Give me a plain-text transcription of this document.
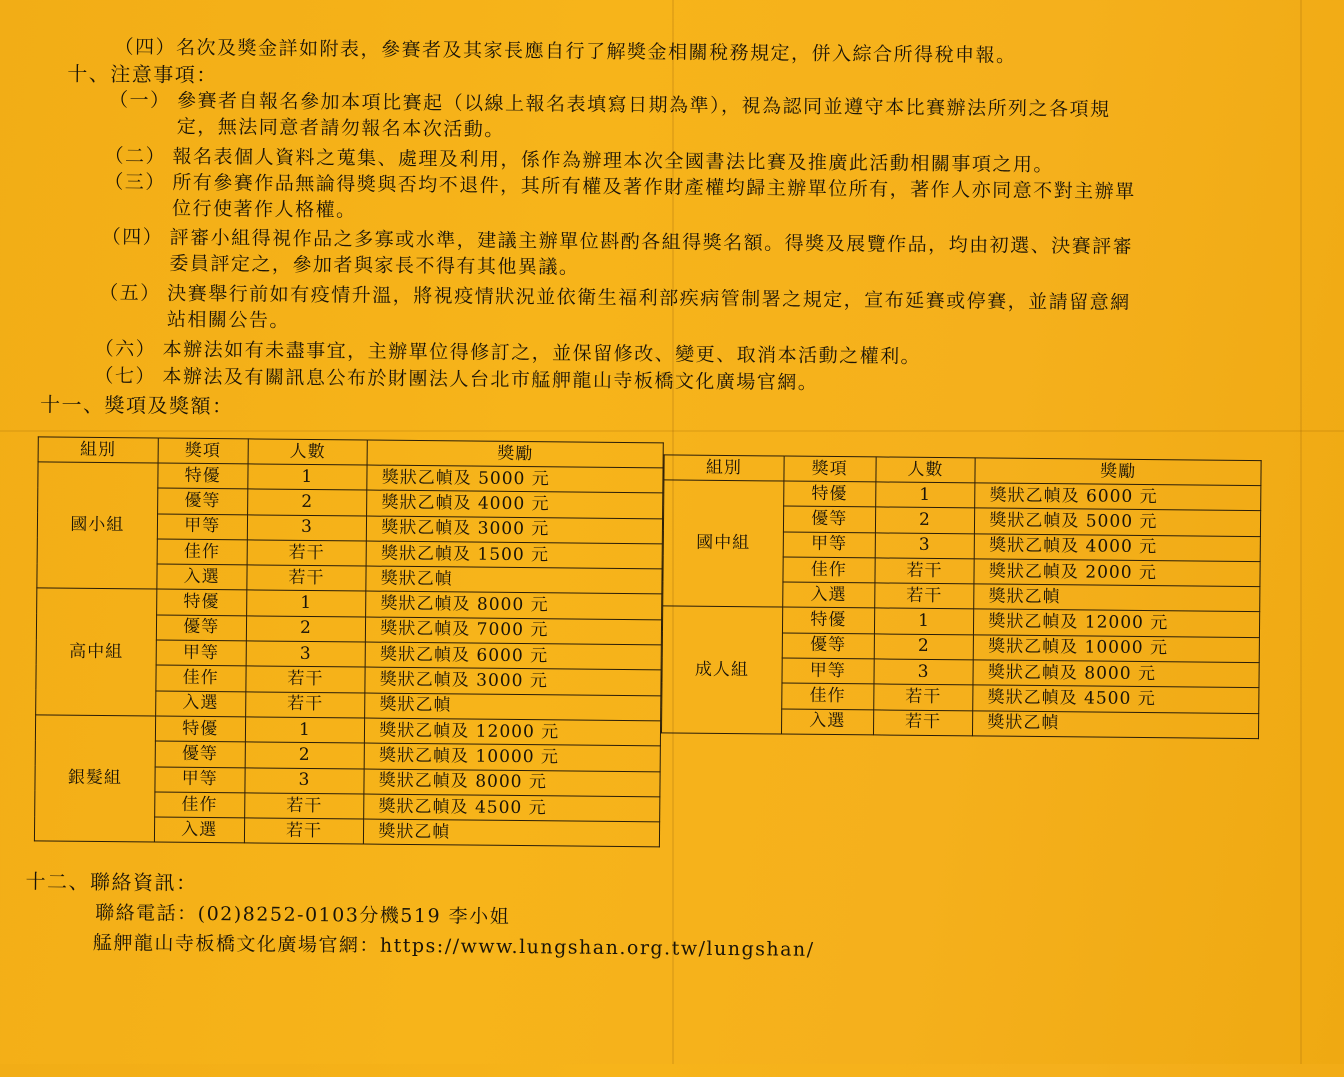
（四）名次及獎金詳如附表，參賽者及其家長應自行了解獎金相關稅務規定，併入綜合所得稅申報。
十、注意事項：
（一） 參賽者自報名參加本項比賽起（以線上報名表填寫日期為準），視為認同並遵守本比賽辦法所列之各項規
定，無法同意者請勿報名本次活動。
（二） 報名表個人資料之蒐集、處理及利用，係作為辦理本次全國書法比賽及推廣此活動相關事項之用。
（三） 所有參賽作品無論得獎與否均不退件，其所有權及著作財產權均歸主辦單位所有，著作人亦同意不對主辦單
位行使著作人格權。
（四） 評審小組得視作品之多寡或水準，建議主辦單位斟酌各組得獎名額。得獎及展覽作品，均由初選、決賽評審
委員評定之，參加者與家長不得有其他異議。
（五） 決賽舉行前如有疫情升溫，將視疫情狀況並依衛生福利部疾病管制署之規定，宣布延賽或停賽，並請留意網
站相關公告。
（六） 本辦法如有未盡事宜，主辦單位得修訂之，並保留修改、變更、取消本活動之權利。
（七） 本辦法及有關訊息公布於財團法人台北市艋舺龍山寺板橋文化廣場官網。
十一、獎項及獎額：
組別	獎項	人數	獎勵
國小組	特優	1	獎狀乙幀及 5000 元
	優等	2	獎狀乙幀及 4000 元
	甲等	3	獎狀乙幀及 3000 元
	佳作	若干	獎狀乙幀及 1500 元
	入選	若干	獎狀乙幀
高中組	特優	1	獎狀乙幀及 8000 元
	優等	2	獎狀乙幀及 7000 元
	甲等	3	獎狀乙幀及 6000 元
	佳作	若干	獎狀乙幀及 3000 元
	入選	若干	獎狀乙幀
銀髮組	特優	1	獎狀乙幀及 12000 元
	優等	2	獎狀乙幀及 10000 元
	甲等	3	獎狀乙幀及 8000 元
	佳作	若干	獎狀乙幀及 4500 元
	入選	若干	獎狀乙幀
組別	獎項	人數	獎勵
國中組	特優	1	獎狀乙幀及 6000 元
	優等	2	獎狀乙幀及 5000 元
	甲等	3	獎狀乙幀及 4000 元
	佳作	若干	獎狀乙幀及 2000 元
	入選	若干	獎狀乙幀
成人組	特優	1	獎狀乙幀及 12000 元
	優等	2	獎狀乙幀及 10000 元
	甲等	3	獎狀乙幀及 8000 元
	佳作	若干	獎狀乙幀及 4500 元
	入選	若干	獎狀乙幀
十二、聯絡資訊：
聯絡電話：(02)8252-0103分機519 李小姐
艋舺龍山寺板橋文化廣場官網：https://www.lungshan.org.tw/lungshan/
